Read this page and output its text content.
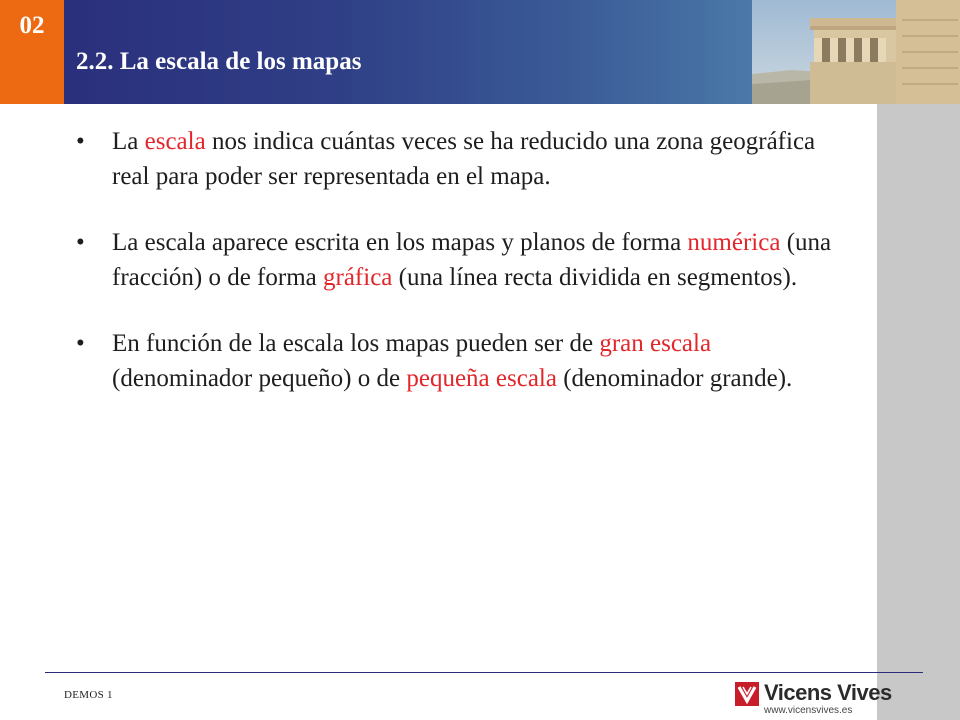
02
2.2. La escala de los mapas
• La escala nos indica cuántas veces se ha reducido una zona geográfica real para poder ser representada en el mapa.
• La escala aparece escrita en los mapas y planos de forma numérica (una fracción) o de forma gráfica (una línea recta dividida en segmentos).
• En función de la escala los mapas pueden ser de gran escala (denominador pequeño) o de pequeña escala (denominador grande).
DEMOS 1	Vicens Vives
www.vicensvives.es
